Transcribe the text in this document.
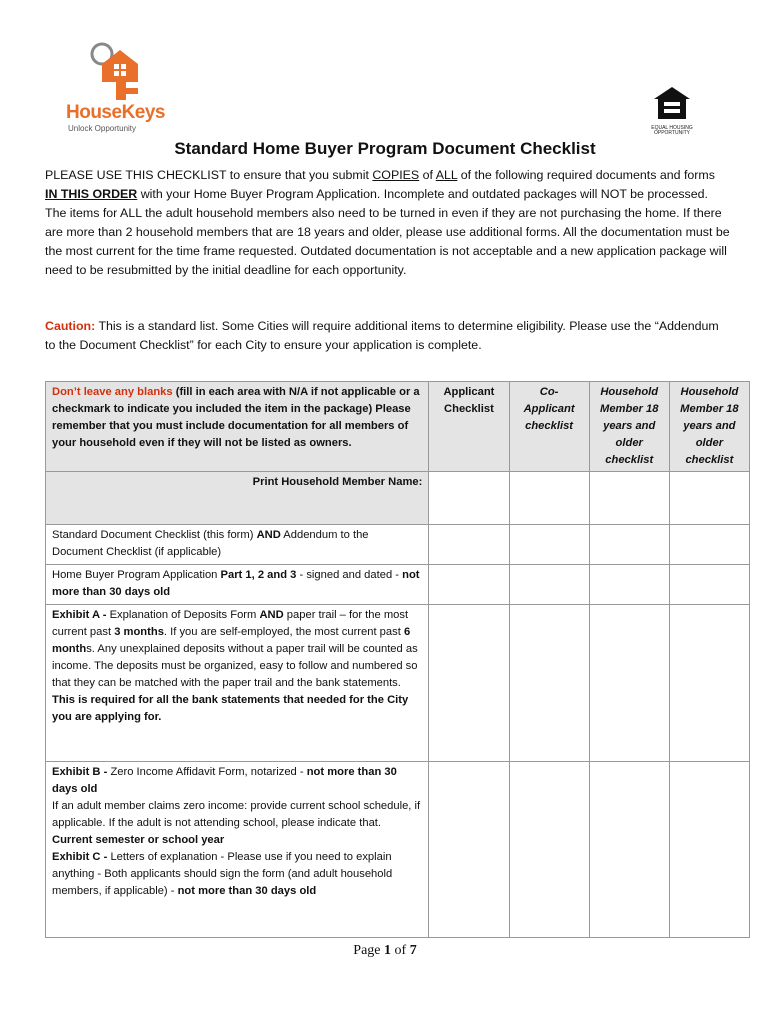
HouseKeys
Unlock Opportunity	EQUAL HOUSING OPPORTUNITY
Standard Home Buyer Program Document Checklist

PLEASE USE THIS CHECKLIST to ensure that you submit COPIES of ALL of the following required documents and forms IN THIS ORDER with your Home Buyer Program Application. Incomplete and outdated packages will NOT be processed. The items for ALL the adult household members also need to be turned in even if they are not purchasing the home. If there are more than 2 household members that are 18 years and older, please use additional forms. All the documentation must be the most current for the time frame requested. Outdated documentation is not acceptable and a new application package will need to be resubmitted by the initial deadline for each opportunity.

Caution: This is a standard list. Some Cities will require additional items to determine eligibility. Please use the “Addendum to the Document Checklist” for each City to ensure your application is complete.

Don’t leave any blanks (fill in each area with N/A if not applicable or a checkmark to indicate you included the item in the package) Please remember that you must include documentation for all members of your household even if they will not be listed as owners.	Applicant Checklist	Co-Applicant checklist	Household Member 18 years and older checklist	Household Member 18 years and older checklist
Print Household Member Name:				
Standard Document Checklist (this form) AND Addendum to the Document Checklist (if applicable)				
Home Buyer Program Application Part 1, 2 and 3 - signed and dated - not more than 30 days old				
Exhibit A - Explanation of Deposits Form AND paper trail – for the most current past 3 months. If you are self-employed, the most current past 6 months. Any unexplained deposits without a paper trail will be counted as income. The deposits must be organized, easy to follow and numbered so that they can be matched with the paper trail and the bank statements. This is required for all the bank statements that needed for the City you are applying for.				

Exhibit B - Zero Income Affidavit Form, notarized - not more than 30 days old
If an adult member claims zero income: provide current school schedule, if applicable. If the adult is not attending school, please indicate that. Current semester or school year
Exhibit C - Letters of explanation - Please use if you need to explain anything - Both applicants should sign the form (and adult household members, if applicable) - not more than 30 days old				

Page 1 of 7
